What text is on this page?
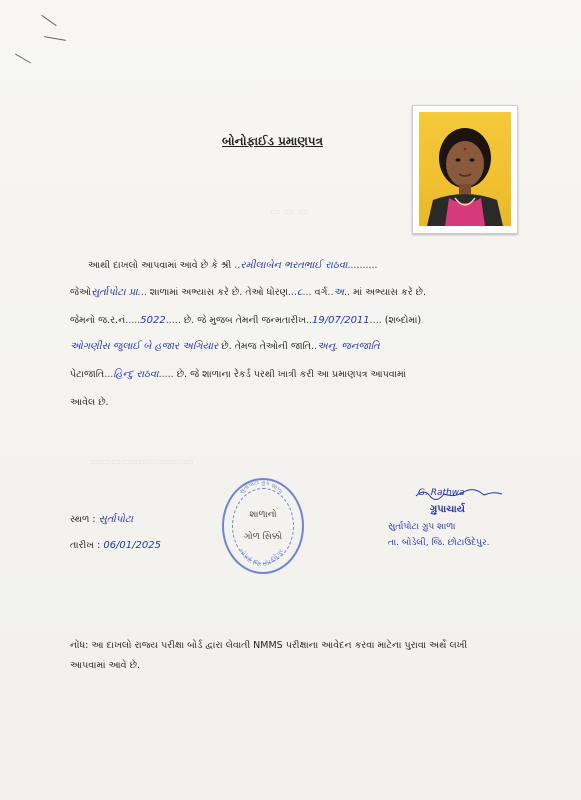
▭ ▭ ▭
▭▭▭▭▭▭▭▭▭▭
બોનોફાઈડ પ્રમાણપત્ર
આથી દાખલો આપવામાં આવે છે કે શ્રી ..રમીલાબેન ભરતભાઈ રાઠવા..........
જેઓસુર્તાપોટા પ્રા... શાળામાં અભ્યાસ કરે છે. તેઓ ધોરણ...૮... વર્ગ..અ.. માં અભ્યાસ કરે છે.
જેમનો જ.ર.નં.....5022..... છે. જે મુજબ તેમની જન્મતારીખ..19/07/2011.... (શબ્દોમાં)
ઓગણીસ જુલાઈ બે હજાર અગિયાર છે. તેમજ તેઓની જાતિ..અનુ. જનજાતિ
પેટાજાતિ...હિન્દુ રાઠવા..... છે. જે શાળાના રેકર્ડ પરથી ખાત્રી કરી આ પ્રમાણપત્ર આપવામાં
આવેલ છે.
સ્થળ : સુર્તાપોટા
તારીખ : 06/01/2025
સુર્તાપોટા ગ્રુપ શાળા
બોડેલી, જિ. છોટાઉદેપુર
શાળાનો
ગોળ સિક્કો
G. Rathwa
ગ્રુપાચાર્ય
સુર્તાપોટા ગ્રુપ શાળા
તા. બોડેલી, જિ. છોટાઉદેપુર.
નોંધ: આ દાખલો રાજ્ય પરીક્ષા બોર્ડ દ્વારા લેવાતી NMMS પરીક્ષાના આવેદન કરવા માટેના પુરાવા અર્થે લખી
આપવામાં આવે છે.
